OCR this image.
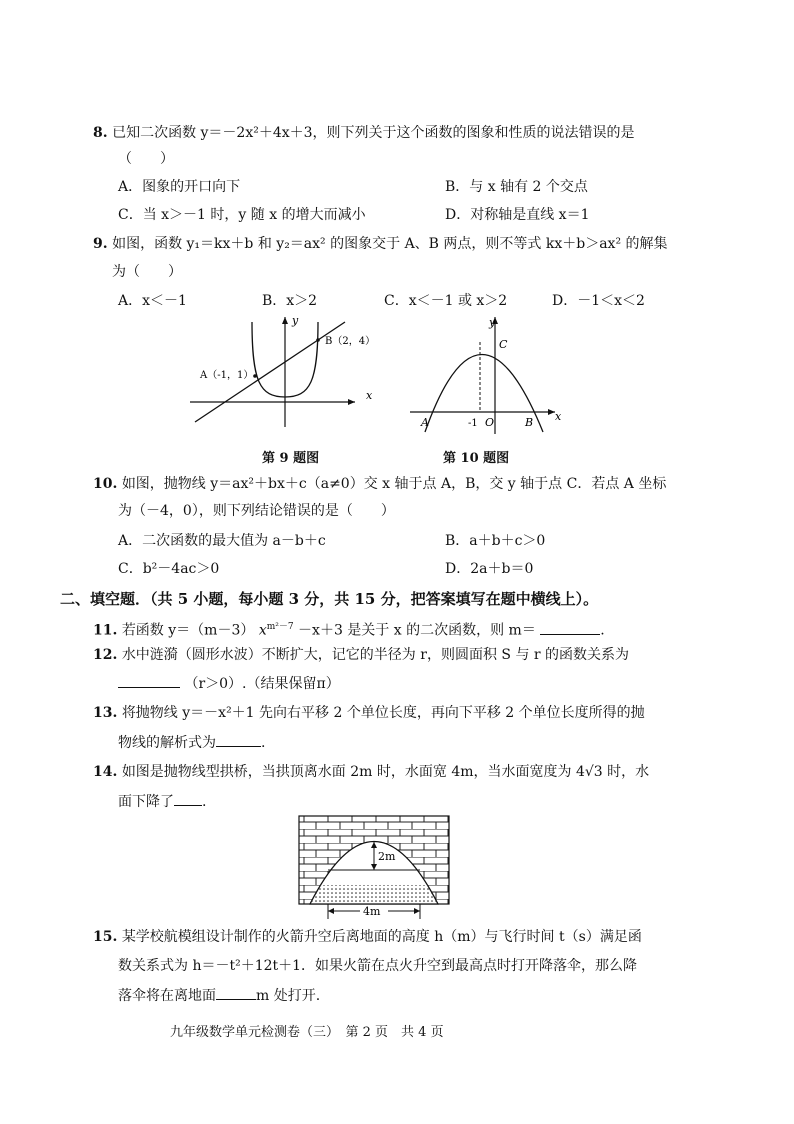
8. 已知二次函数 y＝－2x²＋4x＋3，则下列关于这个函数的图象和性质的说法错误的是
（　　）
A．图象的开口向下	B．与 x 轴有 2 个交点
C．当 x＞－1 时，y 随 x 的增大而减小	D．对称轴是直线 x＝1
9. 如图，函数 y₁＝kx＋b 和 y₂＝ax² 的图象交于 A、B 两点，则不等式 kx＋b＞ax² 的解集
为（　　）
A．x＜－1	B．x＞2	C．x＜－1 或 x＞2	D．－1＜x＜2
y
x
A（-1，1）
B（2，4）
y
x
A	B
C
O
-1
第 9 题图	第 10 题图
10. 如图，抛物线 y＝ax²＋bx＋c（a≠0）交 x 轴于点 A，B，交 y 轴于点 C．若点 A 坐标
为（－4，0），则下列结论错误的是（　　）
A．二次函数的最大值为 a－b＋c	B．a＋b＋c＞0
C．b²－4ac＞0	D．2a＋b＝0
二、填空题．（共 5 小题，每小题 3 分，共 15 分，把答案填写在题中横线上）。
11. 若函数 y＝（m－3） $x^{m^2-7} -x+3$ 是关于 x 的二次函数，则 m＝	.
12. 水中涟漪（圆形水波）不断扩大，记它的半径为 r，则圆面积 S 与 r 的函数关系为
（r＞0）.（结果保留π）
13. 将抛物线 y＝－x²＋1 先向右平移 2 个单位长度，再向下平移 2 个单位长度所得的抛
物线的解析式为	.
14. 如图是抛物线型拱桥，当拱顶离水面 2m 时，水面宽 4m，当水面宽度为 4√3 时，水
面下降了 .
2m
4m
15. 某学校航模组设计制作的火箭升空后离地面的高度 h（m）与飞行时间 t（s）满足函
数关系式为 h＝－t²＋12t＋1．如果火箭在点火升空到最高点时打开降落伞，那么降
落伞将在离地面	m 处打开.
九年级数学单元检测卷（三）　第 2 页　共 4 页
